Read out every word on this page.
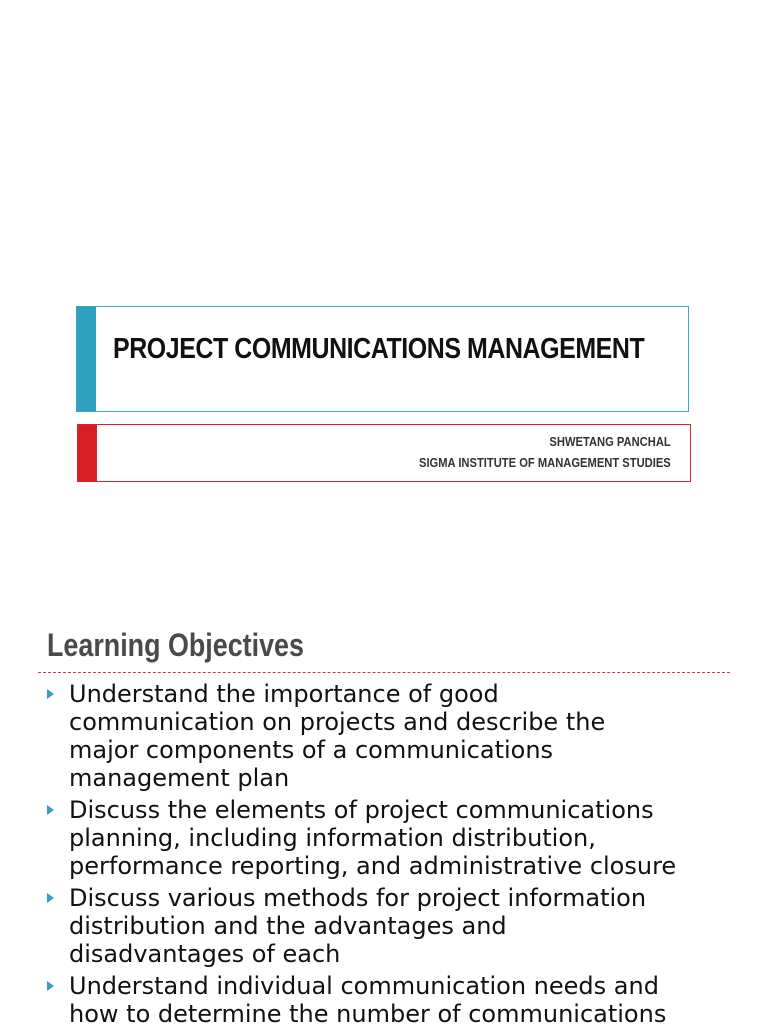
PROJECT COMMUNICATIONS MANAGEMENT
SHWETANG PANCHAL
SIGMA INSTITUTE OF MANAGEMENT STUDIES
Learning Objectives
Understand the importance of good
communication on projects and describe the
major components of a communications
management plan
Discuss the elements of project communications
planning, including information distribution,
performance reporting, and administrative closure
Discuss various methods for project information
distribution and the advantages and
disadvantages of each
Understand individual communication needs and
how to determine the number of communications
